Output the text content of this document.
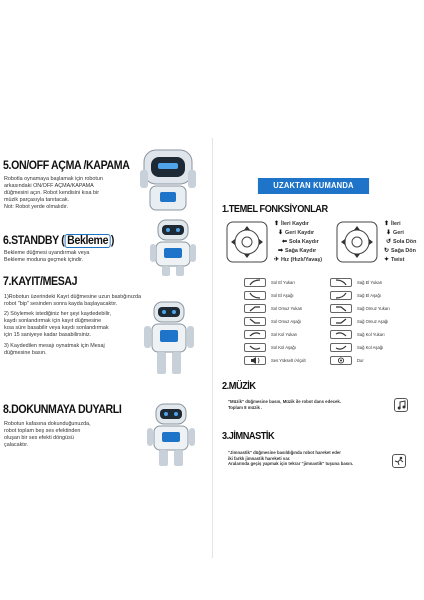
5.ON/OFF AÇMA /KAPAMA
Robotla oynamaya başlamak için robotun
arkasındaki ON/OFF AÇMA/KAPAMA
düğmesini açın. Robot kendisini kısa bir
müzik parçasıyla tanıtacak.
Not: Robot yerde olmalıdır.
6.STANDBY ( Bekleme )
Bekleme düğmesi uyandırmak veya
Bekleme moduna geçmek içindir.
7.KAYIT/MESAJ
1)Robotun üzerindeki Kayıt düğmesine uzun bastığınızda
robot "bip" sesinden sonra kayda başlayacaktır.
2) Söylemek istediğiniz her şeyi kaydedebilir,
kaydı sonlandırmak için kayıt düğmesine
kısa süre basabilir veya kaydı sonlandırmak
için 15 saniyeye kadar basabilirsiniz.
3) Kaydedilen mesajı oynatmak için Mesaj
düğmesine basın.
8.DOKUNMAYA DUYARLI
Robotun kafasına dokunduğunuzda,
robot toplam beş ses efektinden
oluşan bir ses efekti döngüsü
çalacaktır.
UZAKTAN KUMANDA
1.TEMEL FONKSİYONLAR
⬆ İleri Kaydır
⬇ Geri Kaydır
⬅ Sola Kaydır
➡ Sağa Kaydır
✈ Hız (Hızlı/Yavaş)
⬆ İleri
⬇ Geri
↺ Sola Dön
↻ Sağa Dön
✦ Twist
Sol El Yukarı
Sol El Aşağı
Sol Omuz Yukarı
Sol Omuz Aşağı
Sol Kol Yukarı
Sol Kol Aşağı
Ses Yükselt /Alçalt
Sağ El Yukarı
Sağ El Aşağı
Sağ Omuz Yukarı
Sağ Omuz Aşağı
Sağ Kol Yukarı
Sağ Kol Aşağı
Dur
2.MÜZİK
"Müzik" düğmesine basın, Müzik ile robot dans edecek.
Toplam 8 müzik .
3.JİMNASTİK
"Jimnastik" düğmesine basıldığında robot hareket eder
iki farklı jimnastik hareketi var.
Aralarında geçiş yapmak için tekrar "jimnastik" tuşuna basın.
